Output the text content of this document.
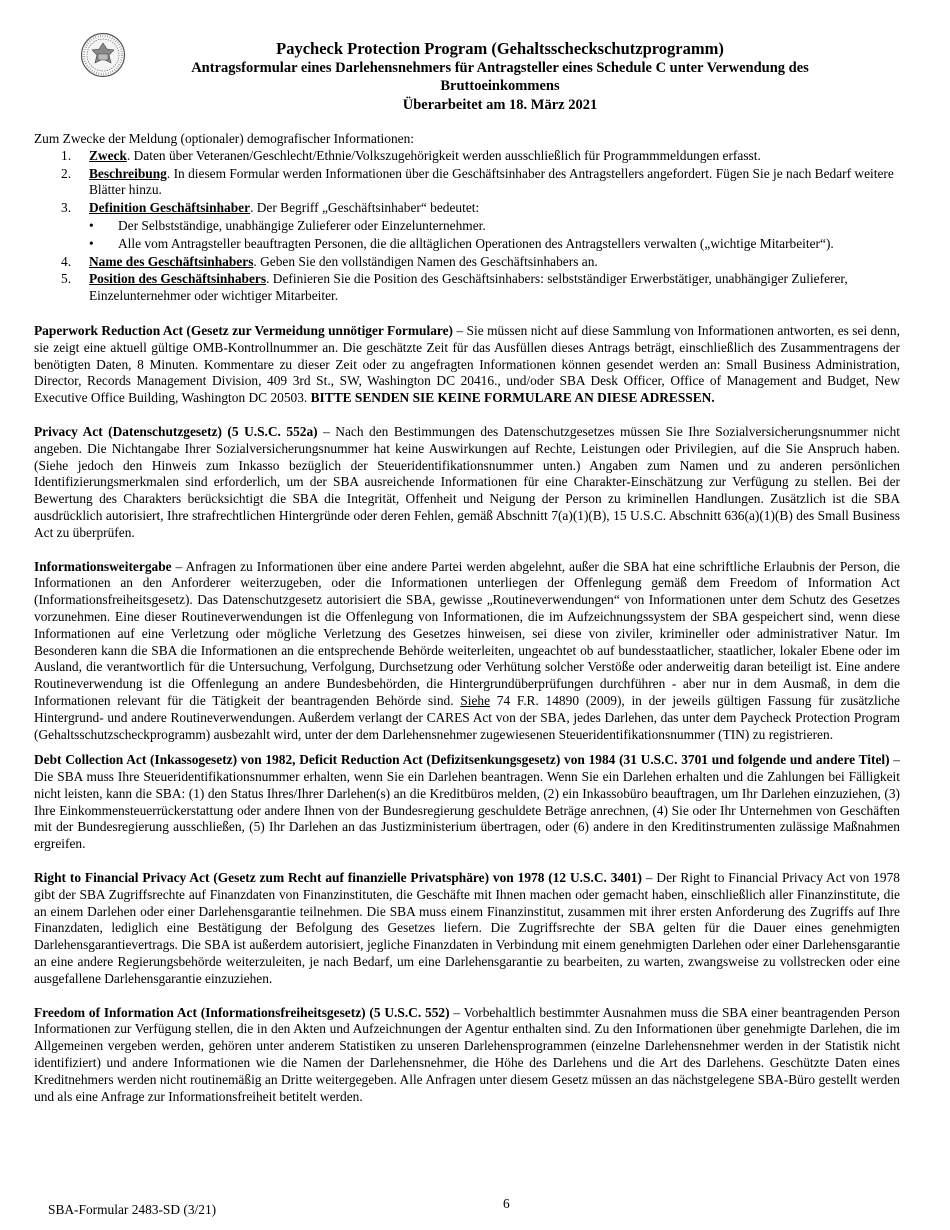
Paycheck Protection Program (Gehaltsscheckschutzprogramm)
Antragsformular eines Darlehensnehmers für Antragsteller eines Schedule C unter Verwendung des
Bruttoeinkommens
Überarbeitet am 18. März 2021

Zum Zwecke der Meldung (optionaler) demografischer Informationen:

1. Zweck. Daten über Veteranen/Geschlecht/Ethnie/Volkszugehörigkeit werden ausschließlich für Programmmeldungen erfasst.
2. Beschreibung. In diesem Formular werden Informationen über die Geschäftsinhaber des Antragstellers angefordert. Fügen Sie je nach Bedarf weitere Blätter hinzu.
3. Definition Geschäftsinhaber. Der Begriff „Geschäftsinhaber“ bedeutet:
• Der Selbstständige, unabhängige Zulieferer oder Einzelunternehmer.
• Alle vom Antragsteller beauftragten Personen, die die alltäglichen Operationen des Antragstellers verwalten („wichtige Mitarbeiter“).
4. Name des Geschäftsinhabers. Geben Sie den vollständigen Namen des Geschäftsinhabers an.
5. Position des Geschäftsinhabers. Definieren Sie die Position des Geschäftsinhabers: selbstständiger Erwerbstätiger, unabhängiger Zulieferer, Einzelunternehmer oder wichtiger Mitarbeiter.

Paperwork Reduction Act (Gesetz zur Vermeidung unnötiger Formulare) – Sie müssen nicht auf diese Sammlung von Informationen antworten, es sei denn, sie zeigt eine aktuell gültige OMB-Kontrollnummer an. Die geschätzte Zeit für das Ausfüllen dieses Antrags beträgt, einschließlich des Zusammentragens der benötigten Daten, 8 Minuten. Kommentare zu dieser Zeit oder zu angefragten Informationen können gesendet werden an: Small Business Administration, Director, Records Management Division, 409 3rd St., SW, Washington DC 20416., und/oder SBA Desk Officer, Office of Management and Budget, New Executive Office Building, Washington DC 20503. BITTE SENDEN SIE KEINE FORMULARE AN DIESE ADRESSEN.

Privacy Act (Datenschutzgesetz) (5 U.S.C. 552a) – Nach den Bestimmungen des Datenschutzgesetzes müssen Sie Ihre Sozialversicherungsnummer nicht angeben. Die Nichtangabe Ihrer Sozialversicherungsnummer hat keine Auswirkungen auf Rechte, Leistungen oder Privilegien, auf die Sie Anspruch haben. (Siehe jedoch den Hinweis zum Inkasso bezüglich der Steueridentifikationsnummer unten.) Angaben zum Namen und zu anderen persönlichen Identifizierungsmerkmalen sind erforderlich, um der SBA ausreichende Informationen für eine Charakter-Einschätzung zur Verfügung zu stellen. Bei der Bewertung des Charakters berücksichtigt die SBA die Integrität, Offenheit und Neigung der Person zu kriminellen Handlungen. Zusätzlich ist die SBA ausdrücklich autorisiert, Ihre strafrechtlichen Hintergründe oder deren Fehlen, gemäß Abschnitt 7(a)(1)(B), 15 U.S.C. Abschnitt 636(a)(1)(B) des Small Business Act zu überprüfen.

Informationsweitergabe – Anfragen zu Informationen über eine andere Partei werden abgelehnt, außer die SBA hat eine schriftliche Erlaubnis der Person, die Informationen an den Anforderer weiterzugeben, oder die Informationen unterliegen der Offenlegung gemäß dem Freedom of Information Act (Informationsfreiheitsgesetz). Das Datenschutzgesetz autorisiert die SBA, gewisse „Routineverwendungen“ von Informationen unter dem Schutz des Gesetzes vorzunehmen. Eine dieser Routineverwendungen ist die Offenlegung von Informationen, die im Aufzeichnungssystem der SBA gespeichert sind, wenn diese Informationen auf eine Verletzung oder mögliche Verletzung des Gesetzes hinweisen, sei diese von ziviler, krimineller oder administrativer Natur. Im Besonderen kann die SBA die Informationen an die entsprechende Behörde weiterleiten, ungeachtet ob auf bundesstaatlicher, staatlicher, lokaler Ebene oder im Ausland, die verantwortlich für die Untersuchung, Verfolgung, Durchsetzung oder Verhütung solcher Verstöße oder anderweitig daran beteiligt ist. Eine andere Routineverwendung ist die Offenlegung an andere Bundesbehörden, die Hintergrundüberprüfungen durchführen - aber nur in dem Ausmaß, in dem die Informationen relevant für die Tätigkeit der beantragenden Behörde sind. Siehe 74 F.R. 14890 (2009), in der jeweils gültigen Fassung für zusätzliche Hintergrund- und andere Routineverwendungen. Außerdem verlangt der CARES Act von der SBA, jedes Darlehen, das unter dem Paycheck Protection Program (Gehaltsschutzscheckprogramm) ausbezahlt wird, unter der dem Darlehensnehmer zugewiesenen Steueridentifikationsnummer (TIN) zu registrieren.

Debt Collection Act (Inkassogesetz) von 1982, Deficit Reduction Act (Defizitsenkungsgesetz) von 1984 (31 U.S.C. 3701 und folgende und andere Titel) – Die SBA muss Ihre Steueridentifikationsnummer erhalten, wenn Sie ein Darlehen beantragen. Wenn Sie ein Darlehen erhalten und die Zahlungen bei Fälligkeit nicht leisten, kann die SBA: (1) den Status Ihres/Ihrer Darlehen(s) an die Kreditbüros melden, (2) ein Inkassobüro beauftragen, um Ihr Darlehen einzuziehen, (3) Ihre Einkommensteuerrückerstattung oder andere Ihnen von der Bundesregierung geschuldete Beträge anrechnen, (4) Sie oder Ihr Unternehmen von Geschäften mit der Bundesregierung ausschließen, (5) Ihr Darlehen an das Justizministerium übertragen, oder (6) andere in den Kreditinstrumenten zulässige Maßnahmen ergreifen.

Right to Financial Privacy Act (Gesetz zum Recht auf finanzielle Privatsphäre) von 1978 (12 U.S.C. 3401) – Der Right to Financial Privacy Act von 1978 gibt der SBA Zugriffsrechte auf Finanzdaten von Finanzinstituten, die Geschäfte mit Ihnen machen oder gemacht haben, einschließlich aller Finanzinstitute, die an einem Darlehen oder einer Darlehensgarantie teilnehmen. Die SBA muss einem Finanzinstitut, zusammen mit ihrer ersten Anforderung des Zugriffs auf Ihre Finanzdaten, lediglich eine Bestätigung der Befolgung des Gesetzes liefern. Die Zugriffsrechte der SBA gelten für die Dauer eines genehmigten Darlehensgarantievertrags. Die SBA ist außerdem autorisiert, jegliche Finanzdaten in Verbindung mit einem genehmigten Darlehen oder einer Darlehensgarantie an eine andere Regierungsbehörde weiterzuleiten, je nach Bedarf, um eine Darlehensgarantie zu bearbeiten, zu warten, zwangsweise zu vollstrecken oder eine ausgefallene Darlehensgarantie einzuziehen.

Freedom of Information Act (Informationsfreiheitsgesetz) (5 U.S.C. 552) – Vorbehaltlich bestimmter Ausnahmen muss die SBA einer beantragenden Person Informationen zur Verfügung stellen, die in den Akten und Aufzeichnungen der Agentur enthalten sind. Zu den Informationen über genehmigte Darlehen, die im Allgemeinen vergeben werden, gehören unter anderem Statistiken zu unseren Darlehensprogrammen (einzelne Darlehensnehmer werden in der Statistik nicht identifiziert) und andere Informationen wie die Namen der Darlehensnehmer, die Höhe des Darlehens und die Art des Darlehens. Geschützte Daten eines Kreditnehmers werden nicht routinemäßig an Dritte weitergegeben. Alle Anfragen unter diesem Gesetz müssen an das nächstgelegene SBA-Büro gestellt werden und als eine Anfrage zur Informationsfreiheit betitelt werden.

SBA-Formular 2483-SD (3/21)	6
